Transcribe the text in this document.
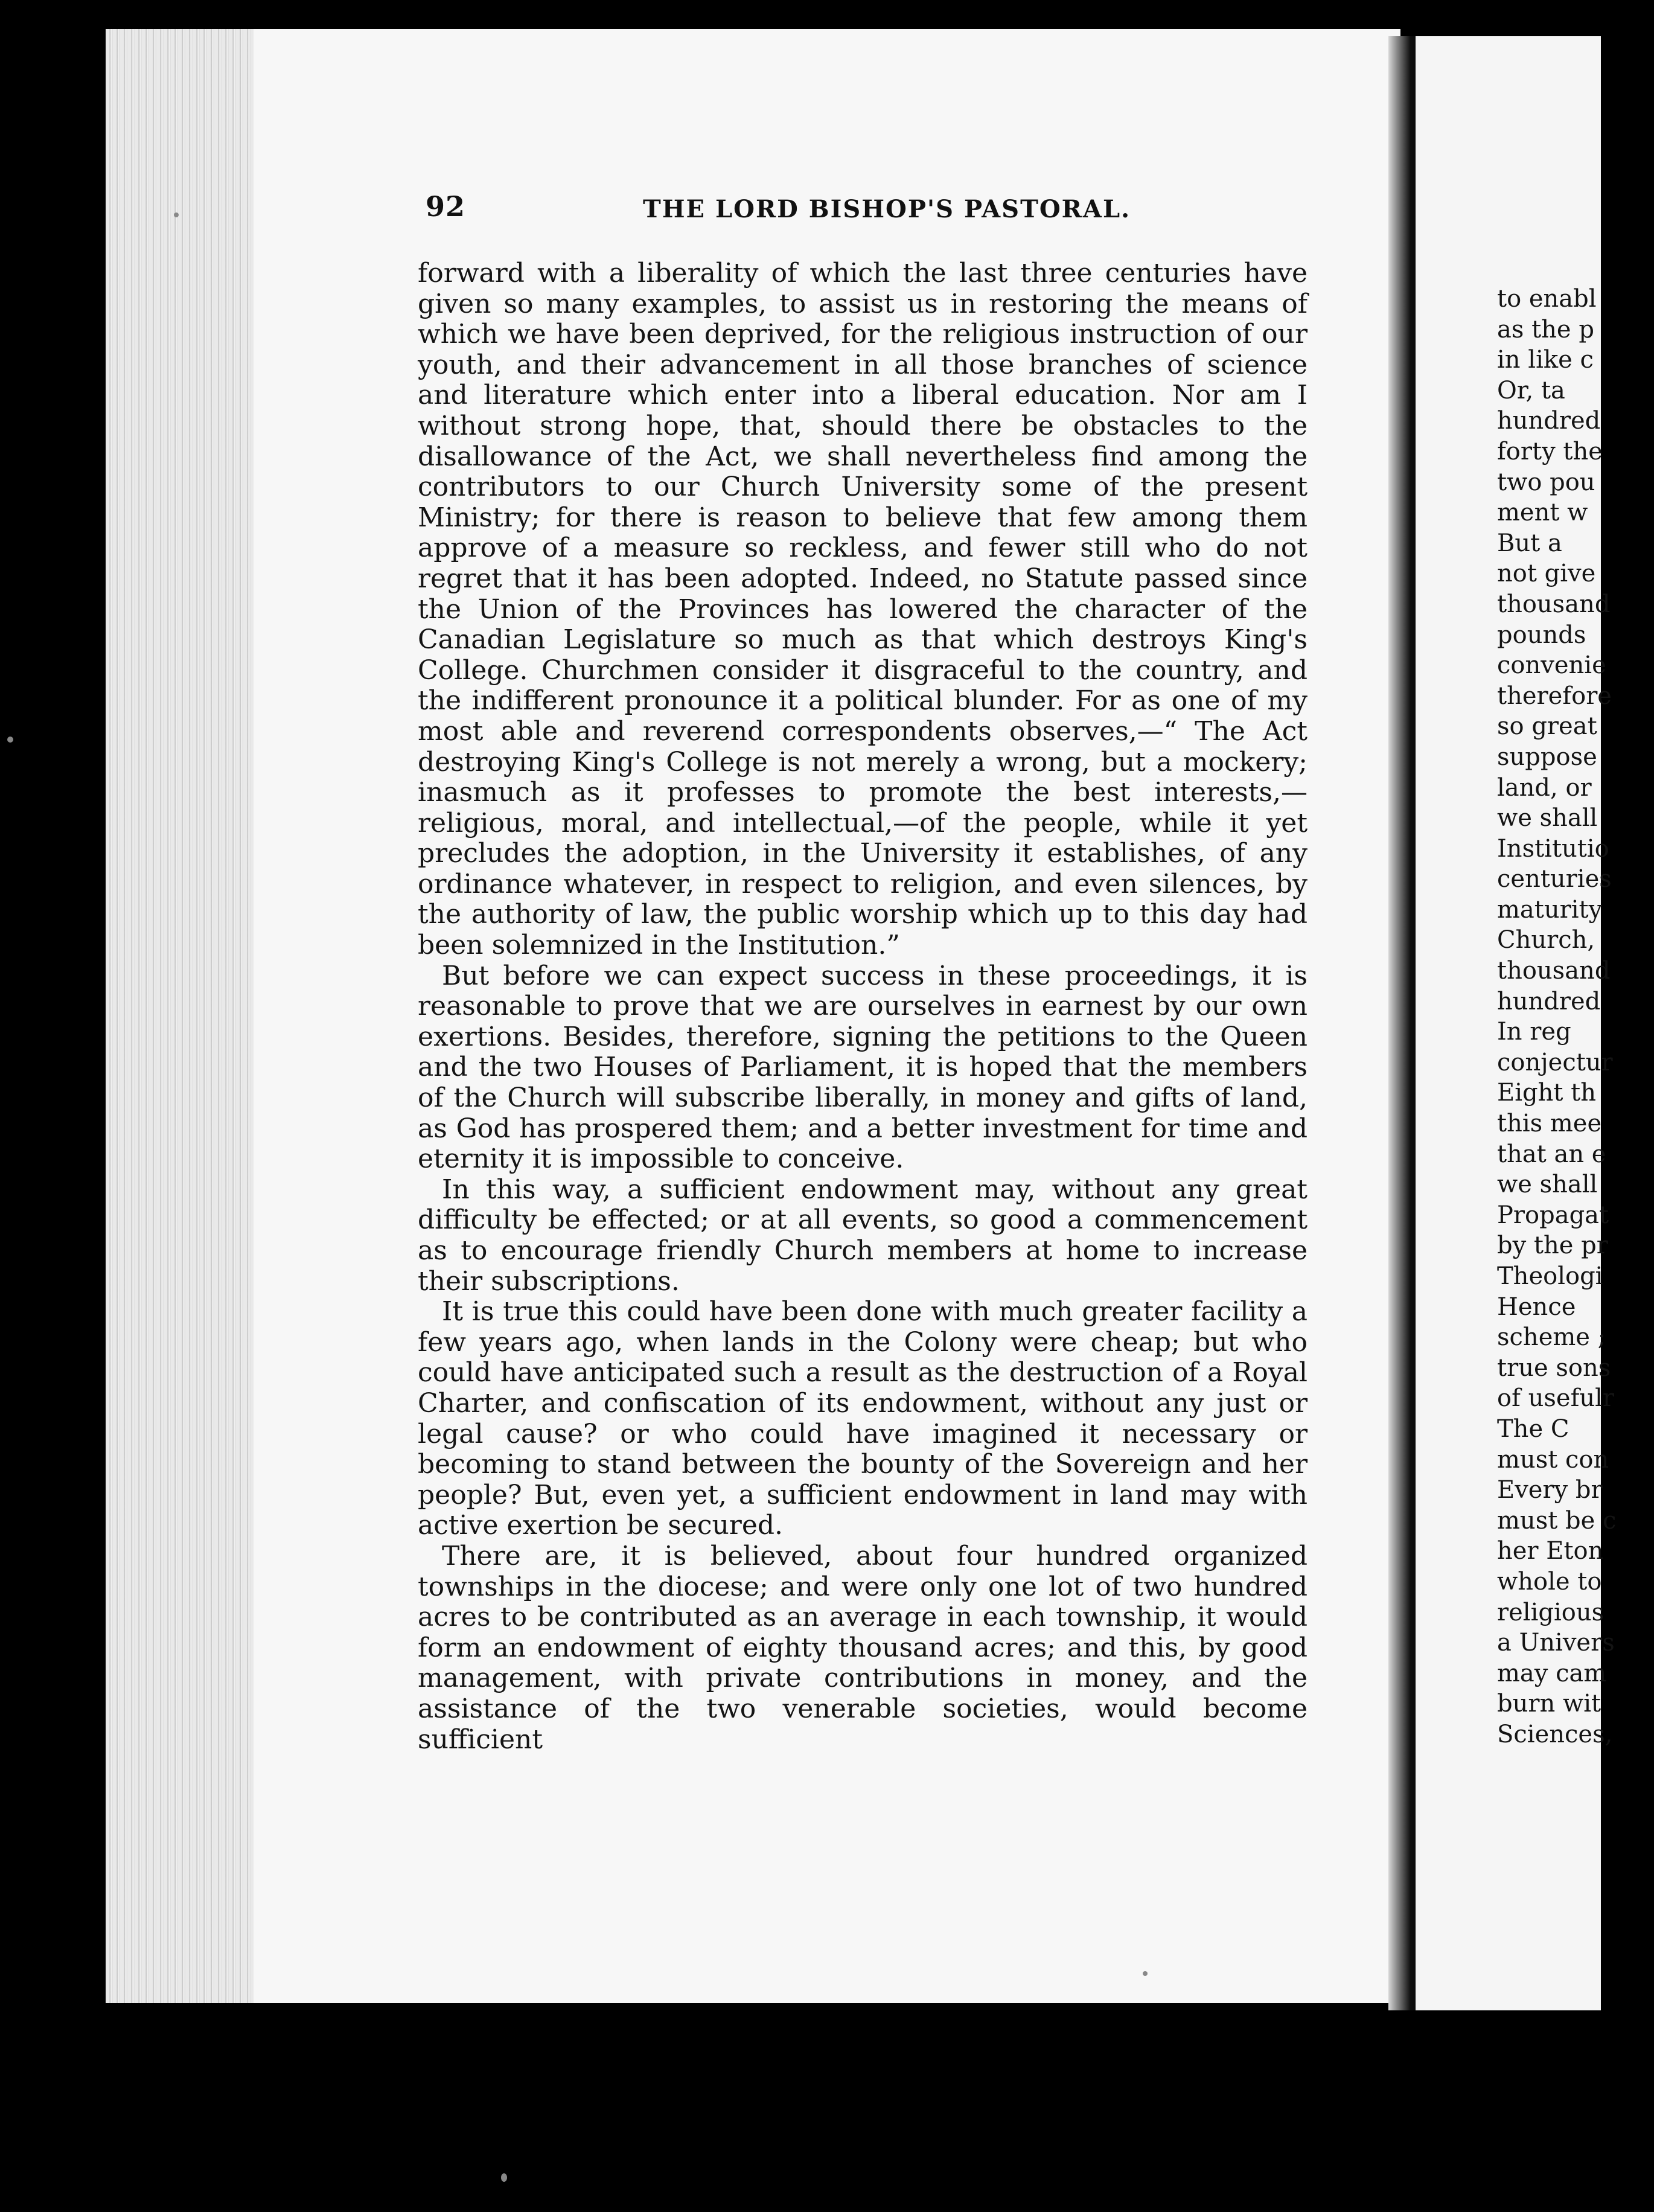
92	THE LORD BISHOP'S PASTORAL.

forward with a liberality of which the last three centuries have given so many examples, to assist us in restoring the means of which we have been deprived, for the religious instruction of our youth, and their advancement in all those branches of science and literature which enter into a liberal education. Nor am I without strong hope, that, should there be obstacles to the disallowance of the Act, we shall nevertheless find among the contributors to our Church University some of the present Ministry; for there is reason to believe that few among them approve of a measure so reckless, and fewer still who do not regret that it has been adopted. Indeed, no Statute passed since the Union of the Provinces has lowered the character of the Canadian Legislature so much as that which destroys King's College. Churchmen consider it disgraceful to the country, and the indifferent pronounce it a political blunder. For as one of my most able and reverend correspondents observes,—“ The Act destroying King's College is not merely a wrong, but a mockery; inasmuch as it professes to promote the best interests,—religious, moral, and intellectual,—of the people, while it yet precludes the adoption, in the University it establishes, of any ordinance whatever, in respect to religion, and even silences, by the authority of law, the public worship which up to this day had been solemnized in the Institution.”

But before we can expect success in these proceedings, it is reasonable to prove that we are ourselves in earnest by our own exertions. Besides, therefore, signing the petitions to the Queen and the two Houses of Parliament, it is hoped that the members of the Church will subscribe liberally, in money and gifts of land, as God has prospered them; and a better investment for time and eternity it is impossible to conceive.

In this way, a sufficient endowment may, without any great difficulty be effected; or at all events, so good a commencement as to encourage friendly Church members at home to increase their subscriptions.

It is true this could have been done with much greater facility a few years ago, when lands in the Colony were cheap; but who could have anticipated such a result as the destruction of a Royal Charter, and confiscation of its endowment, without any just or legal cause? or who could have imagined it necessary or becoming to stand between the bounty of the Sovereign and her people? But, even yet, a sufficient endowment in land may with active exertion be secured.

There are, it is believed, about four hundred organized townships in the diocese; and were only one lot of two hundred acres to be contributed as an average in each township, it would form an endowment of eighty thousand acres; and this, by good management, with private contributions in money, and the assistance of the two venerable societies, would become sufficient

to enabl
as the p
in like c
Or, ta
hundred
forty the
two pou
ment w
But a
not give
thousand
pounds
convenie
therefore
so great
suppose
land, or
we shall
Institutio
centuries
maturity
Church,
thousand
hundred
In reg
conjectur
Eight th
this mee
that an e
we shall
Propagat
by the pr
Theologi
Hence
scheme ;
true sons
of usefulr
The C
must con
Every br
must be c
her Eton
whole to
religious
a Univers
may cam
burn wit
Sciences,
